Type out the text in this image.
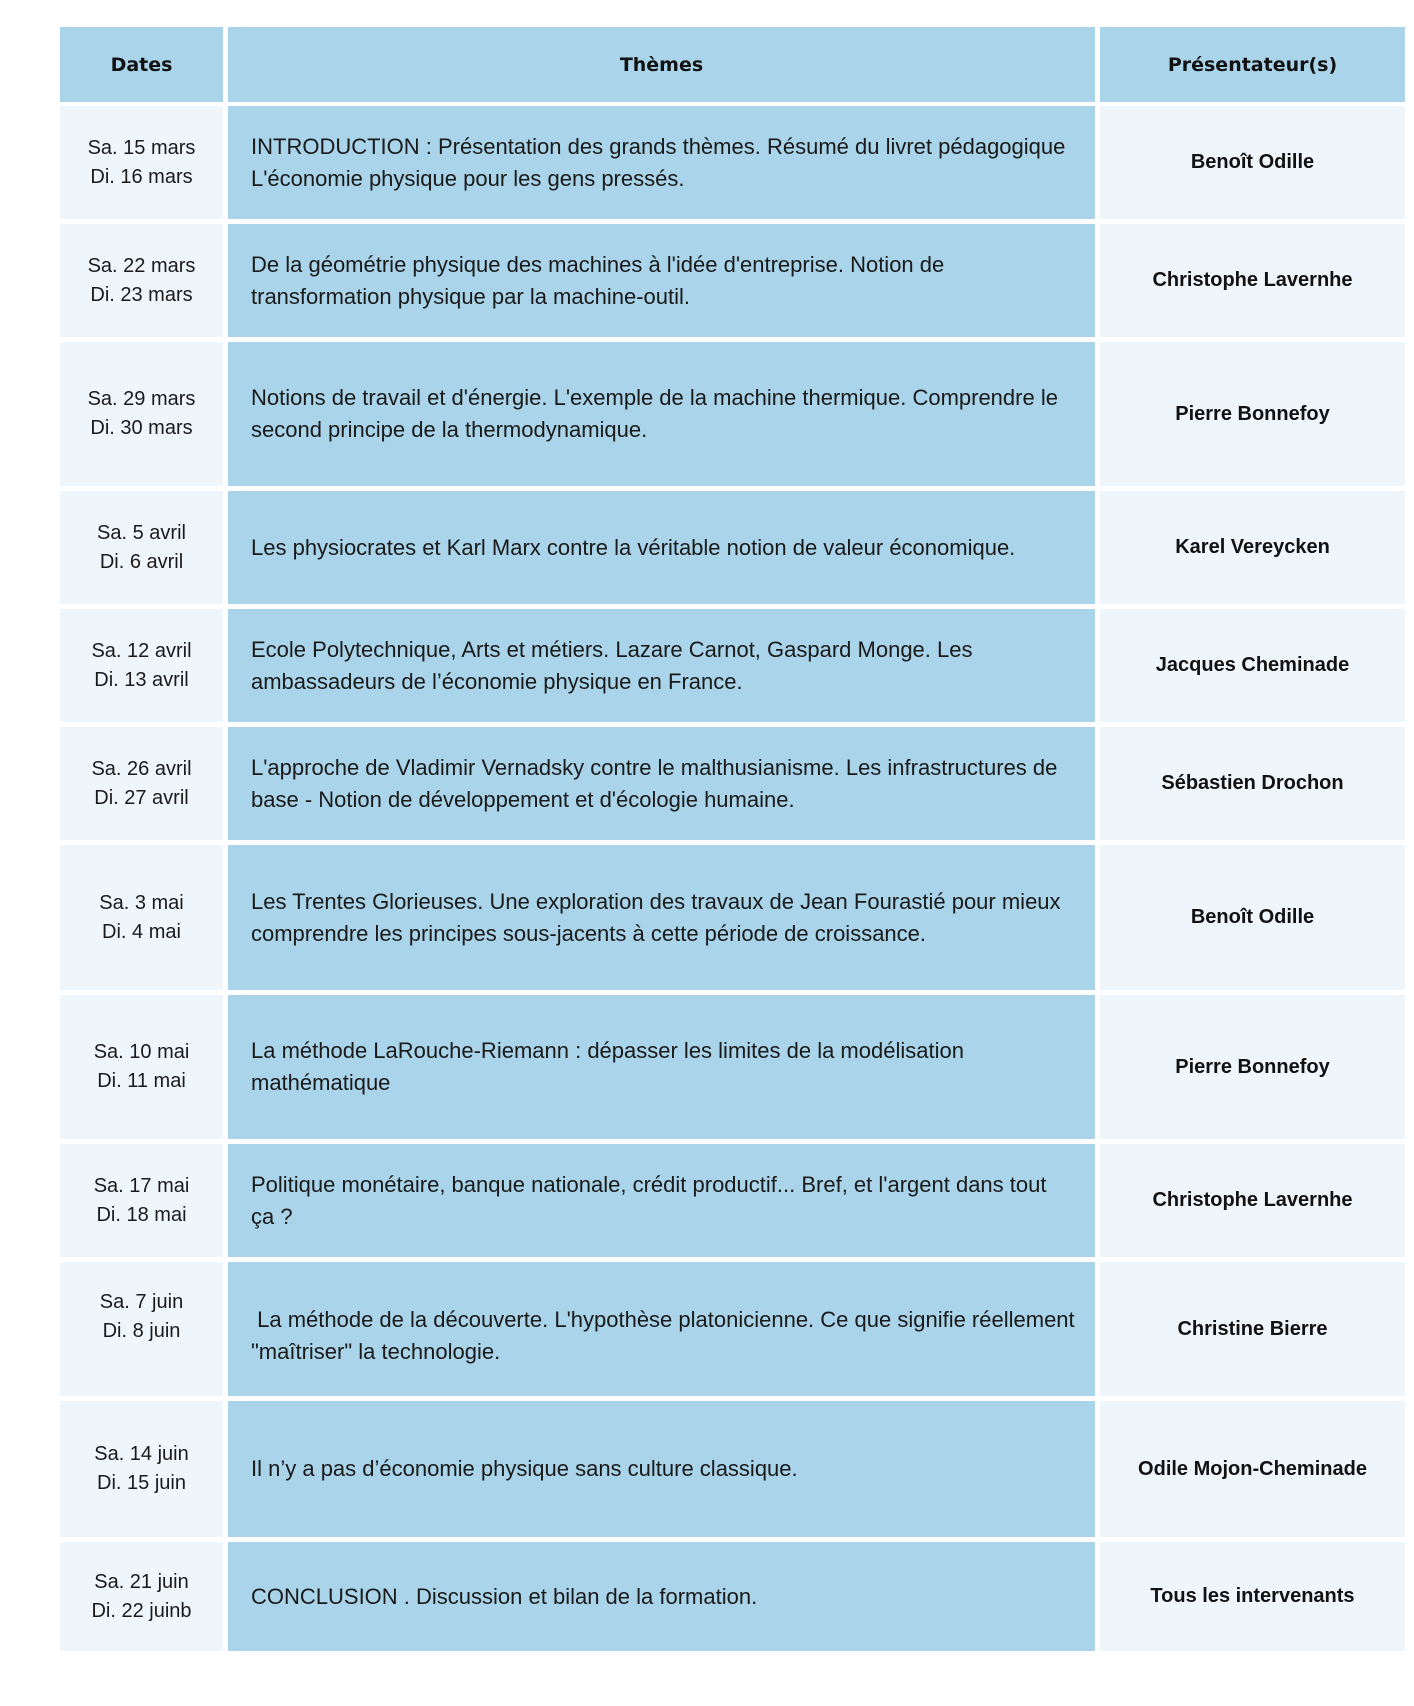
Dates	Thèmes	Présentateur(s)

Sa. 15 mars
Di. 16 mars	INTRODUCTION : Présentation des grands thèmes. Résumé du livret pédagogique L'économie physique pour les gens pressés.	Benoît Odille

Sa. 22 mars
Di. 23 mars	De la géométrie physique des machines à l'idée d'entreprise. Notion de transformation physique par la machine-outil.	Christophe Lavernhe

Sa. 29 mars
Di. 30 mars	Notions de travail et d'énergie. L'exemple de la machine thermique. Comprendre le second principe de la thermodynamique.	Pierre Bonnefoy

Sa. 5 avril
Di. 6 avril	Les physiocrates et Karl Marx contre la véritable notion de valeur économique.	Karel Vereycken

Sa. 12 avril
Di. 13 avril	Ecole Polytechnique, Arts et métiers. Lazare Carnot, Gaspard Monge. Les ambassadeurs de l’économie physique en France.	Jacques Cheminade

Sa. 26 avril
Di. 27 avril	L'approche de Vladimir Vernadsky contre le malthusianisme. Les infrastructures de base - Notion de développement et d'écologie humaine.	Sébastien Drochon

Sa. 3 mai
Di. 4 mai	Les Trentes Glorieuses. Une exploration des travaux de Jean Fourastié pour mieux comprendre les principes sous-jacents à cette période de croissance.	Benoît Odille

Sa. 10 mai
Di. 11 mai	La méthode LaRouche-Riemann : dépasser les limites de la modélisation mathématique	Pierre Bonnefoy

Sa. 17 mai
Di. 18 mai	Politique monétaire, banque nationale, crédit productif... Bref, et l'argent dans tout ça ?	Christophe Lavernhe

Sa. 7 juin
Di. 8 juin	La méthode de la découverte. L'hypothèse platonicienne. Ce que signifie réellement "maîtriser" la technologie.	Christine Bierre

Sa. 14 juin
Di. 15 juin	Il n’y a pas d’économie physique sans culture classique.	Odile Mojon-Cheminade

Sa. 21 juin
Di. 22 juinb	CONCLUSION . Discussion et bilan de la formation.	Tous les intervenants
